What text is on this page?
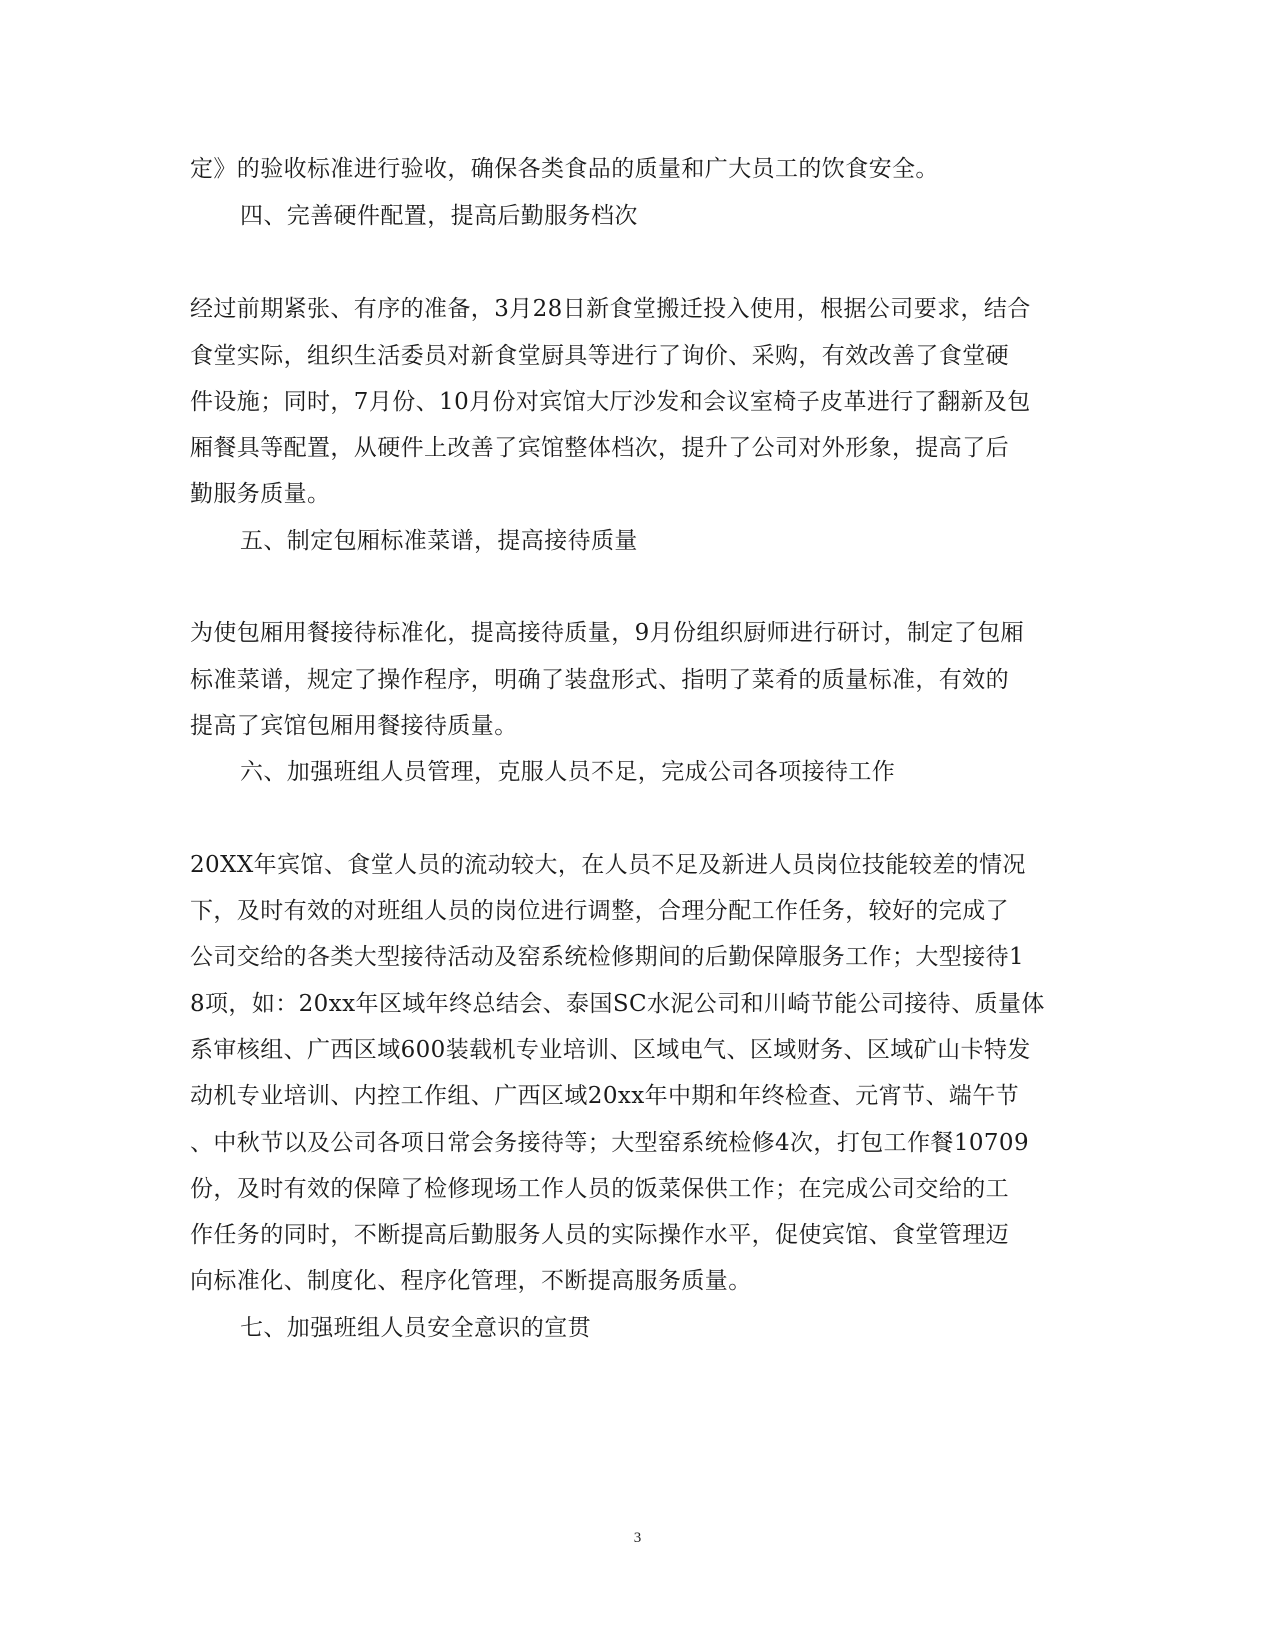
定》的验收标准进行验收，确保各类食品的质量和广大员工的饮食安全。
四、完善硬件配置，提高后勤服务档次
经过前期紧张、有序的准备，3月28日新食堂搬迁投入使用，根据公司要求，结合
食堂实际，组织生活委员对新食堂厨具等进行了询价、采购，有效改善了食堂硬
件设施；同时，7月份、10月份对宾馆大厅沙发和会议室椅子皮革进行了翻新及包
厢餐具等配置，从硬件上改善了宾馆整体档次，提升了公司对外形象，提高了后
勤服务质量。
五、制定包厢标准菜谱，提高接待质量
为使包厢用餐接待标准化，提高接待质量，9月份组织厨师进行研讨，制定了包厢
标准菜谱，规定了操作程序，明确了装盘形式、指明了菜肴的质量标准，有效的
提高了宾馆包厢用餐接待质量。
六、加强班组人员管理，克服人员不足，完成公司各项接待工作
20XX年宾馆、食堂人员的流动较大，在人员不足及新进人员岗位技能较差的情况
下，及时有效的对班组人员的岗位进行调整，合理分配工作任务，较好的完成了
公司交给的各类大型接待活动及窑系统检修期间的后勤保障服务工作；大型接待1
8项，如：20xx年区域年终总结会、泰国SC水泥公司和川崎节能公司接待、质量体
系审核组、广西区域600装载机专业培训、区域电气、区域财务、区域矿山卡特发
动机专业培训、内控工作组、广西区域20xx年中期和年终检查、元宵节、端午节
、中秋节以及公司各项日常会务接待等；大型窑系统检修4次，打包工作餐10709
份，及时有效的保障了检修现场工作人员的饭菜保供工作；在完成公司交给的工
作任务的同时，不断提高后勤服务人员的实际操作水平，促使宾馆、食堂管理迈
向标准化、制度化、程序化管理，不断提高服务质量。
七、加强班组人员安全意识的宣贯
3
